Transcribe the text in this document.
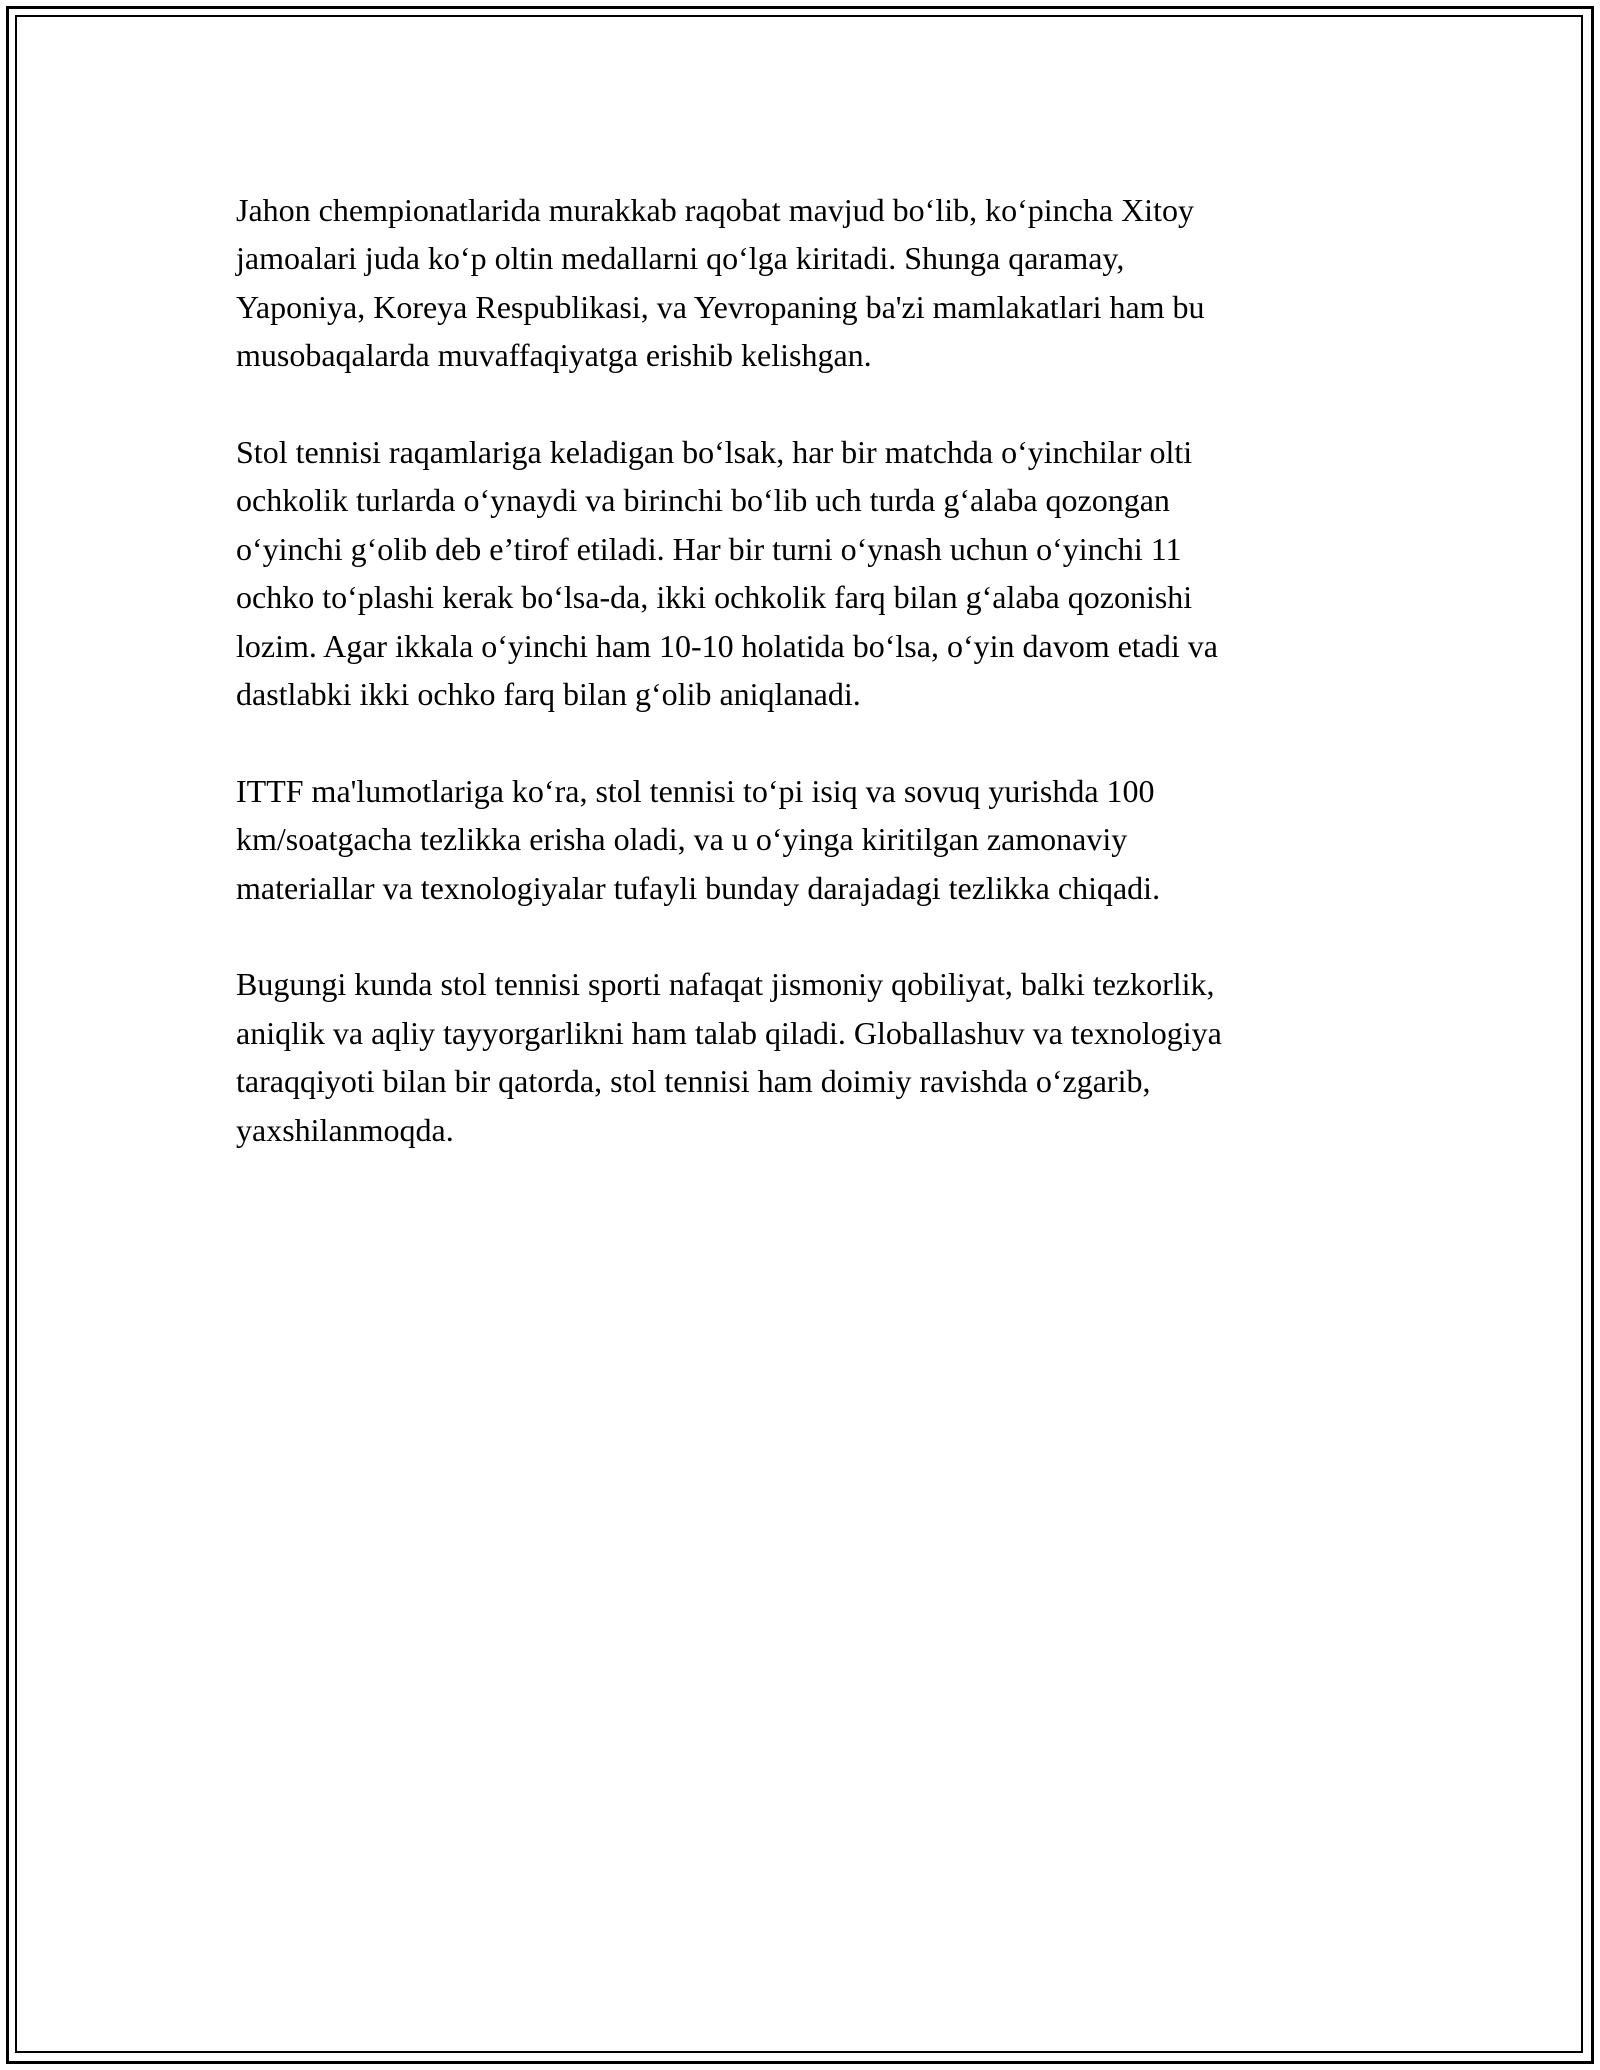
Jahon chempionatlarida murakkab raqobat mavjud bo‘lib, ko‘pincha Xitoy
jamoalari juda ko‘p oltin medallarni qo‘lga kiritadi. Shunga qaramay,
Yaponiya, Koreya Respublikasi, va Yevropaning ba'zi mamlakatlari ham bu
musobaqalarda muvaffaqiyatga erishib kelishgan.

Stol tennisi raqamlariga keladigan bo‘lsak, har bir matchda o‘yinchilar olti
ochkolik turlarda o‘ynaydi va birinchi bo‘lib uch turda g‘alaba qozongan
o‘yinchi g‘olib deb e’tirof etiladi. Har bir turni o‘ynash uchun o‘yinchi 11
ochko to‘plashi kerak bo‘lsa-da, ikki ochkolik farq bilan g‘alaba qozonishi
lozim. Agar ikkala o‘yinchi ham 10-10 holatida bo‘lsa, o‘yin davom etadi va
dastlabki ikki ochko farq bilan g‘olib aniqlanadi.

ITTF ma'lumotlariga ko‘ra, stol tennisi to‘pi isiq va sovuq yurishda 100
km/soatgacha tezlikka erisha oladi, va u o‘yinga kiritilgan zamonaviy
materiallar va texnologiyalar tufayli bunday darajadagi tezlikka chiqadi.

Bugungi kunda stol tennisi sporti nafaqat jismoniy qobiliyat, balki tezkorlik,
aniqlik va aqliy tayyorgarlikni ham talab qiladi. Globallashuv va texnologiya
taraqqiyoti bilan bir qatorda, stol tennisi ham doimiy ravishda o‘zgarib,
yaxshilanmoqda.
